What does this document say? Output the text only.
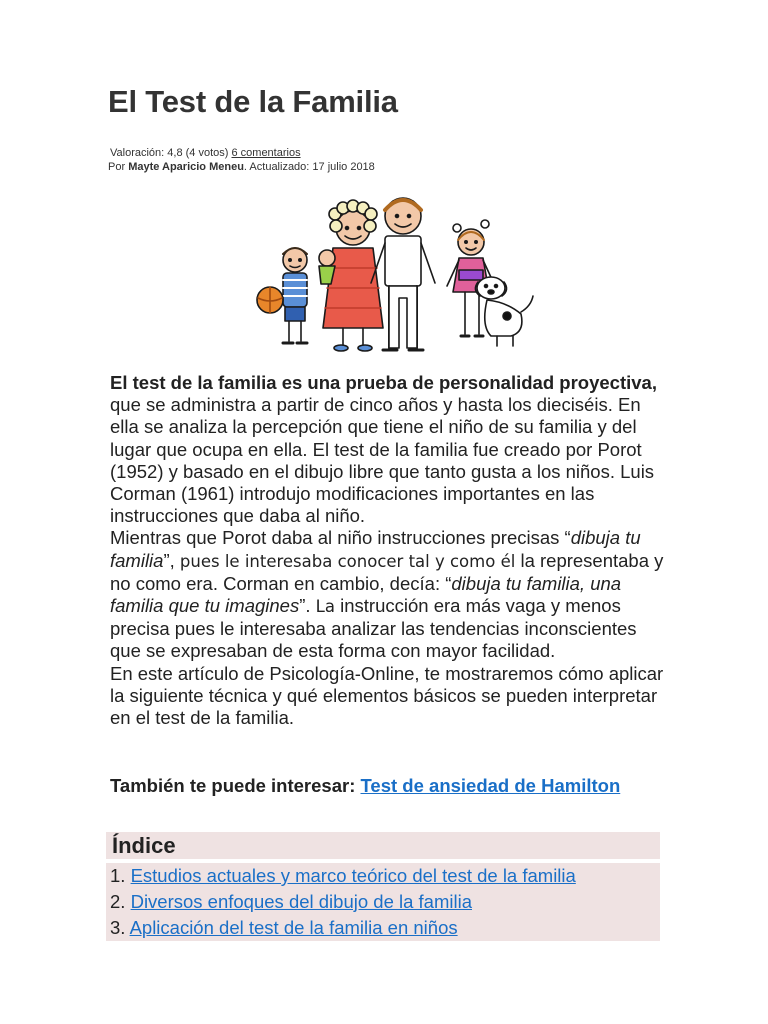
El Test de la Familia

Valoración: 4,8 (4 votos) 6 comentarios

Por Mayte Aparicio Meneu. Actualizado: 17 julio 2018

El test de la familia es una prueba de personalidad proyectiva, que se administra a partir de cinco años y hasta los dieciséis. En ella se analiza la percepción que tiene el niño de su familia y del lugar que ocupa en ella. El test de la familia fue creado por Porot (1952) y basado en el dibujo libre que tanto gusta a los niños. Luis Corman (1961) introdujo modificaciones importantes en las instrucciones que daba al niño.

Mientras que Porot daba al niño instrucciones precisas “dibuja tu familia”, pues le interesaba conocer tal y como él la representaba y no como era. Corman en cambio, decía: “dibuja tu familia, una familia que tu imagines”. La instrucción era más vaga y menos precisa pues le interesaba analizar las tendencias inconscientes que se expresaban de esta forma con mayor facilidad.

En este artículo de Psicología-Online, te mostraremos cómo aplicar la siguiente técnica y qué elementos básicos se pueden interpretar en el test de la familia.

También te puede interesar: Test de ansiedad de Hamilton
Índice
1. Estudios actuales y marco teórico del test de la familia
2. Diversos enfoques del dibujo de la familia
3. Aplicación del test de la familia en niños
